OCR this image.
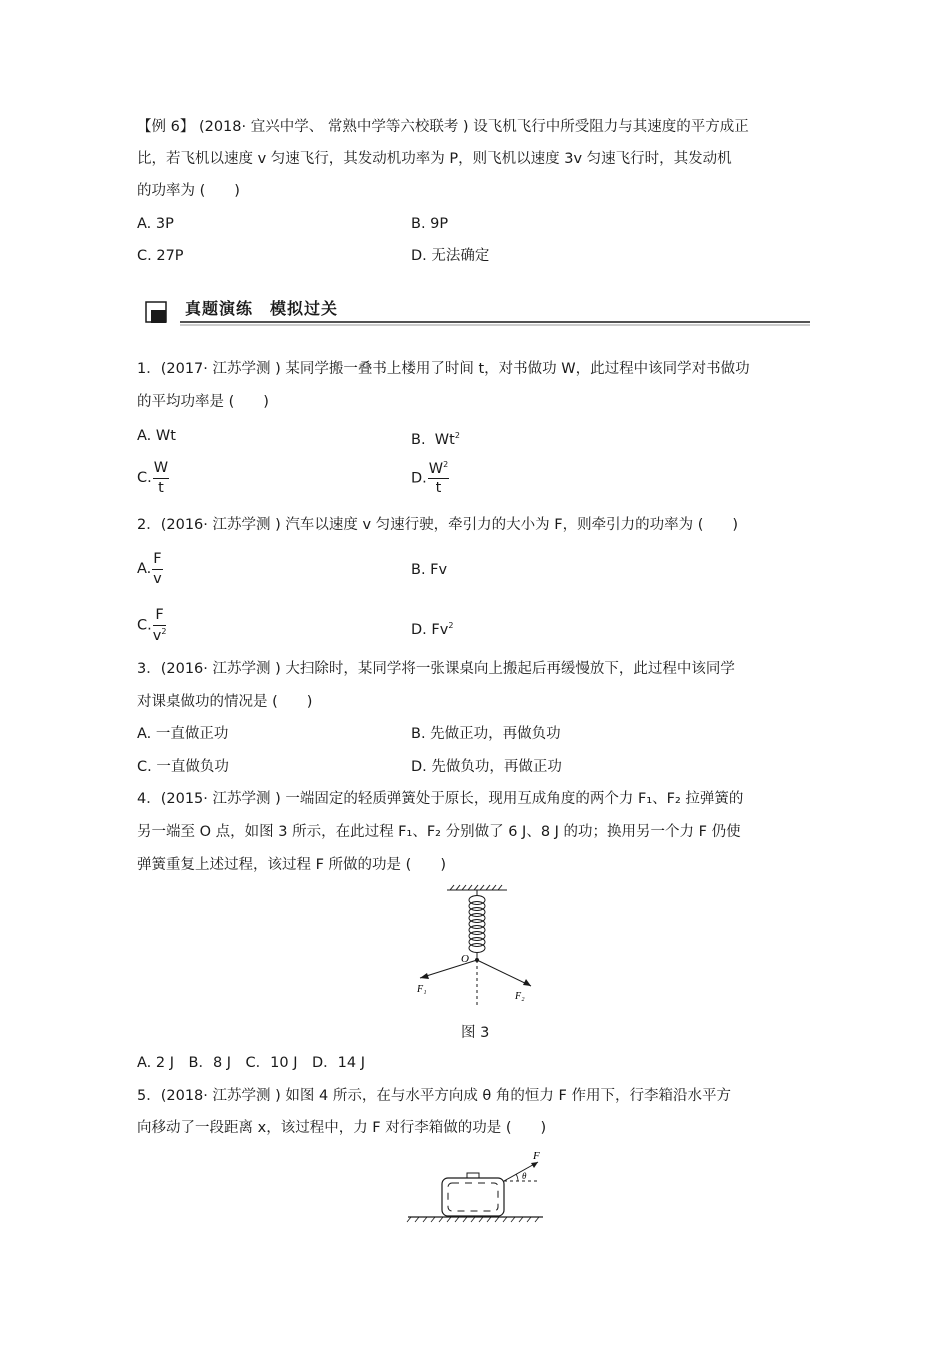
【例 6】 (2018· 宜兴中学、 常熟中学等六校联考 ) 设飞机飞行中所受阻力与其速度的平方成正
比，若飞机以速度 v 匀速飞行，其发动机功率为 P，则飞机以速度 3v 匀速飞行时，其发动机
的功率为 (　　)
A. 3P	B. 9P
C. 27P	D. 无法确定
真题演练　模拟过关
1．(2017· 江苏学测 ) 某同学搬一叠书上楼用了时间 t，对书做功 W，此过程中该同学对书做功
的平均功率是 (　　)
A. Wt	B. Wt$^2$
C. $\frac{W}{t}$	D. $\frac{W^2}{t}$
2．(2016· 江苏学测 ) 汽车以速度 v 匀速行驶，牵引力的大小为 F，则牵引力的功率为 (　　)
A. $\frac{F}{v}$	B. Fv
C. $\frac{F}{v^2}$	D. Fv$^2$
3．(2016· 江苏学测 ) 大扫除时，某同学将一张课桌向上搬起后再缓慢放下，此过程中该同学
对课桌做功的情况是 (　　)
A. 一直做正功	B. 先做正功，再做负功
C. 一直做负功	D. 先做负功，再做正功
4．(2015· 江苏学测 ) 一端固定的轻质弹簧处于原长，现用互成角度的两个力 F₁、F₂ 拉弹簧的
另一端至 O 点，如图 3 所示，在此过程 F₁、F₂ 分别做了 6 J、8 J 的功；换用另一个力 F 仍使
弹簧重复上述过程，该过程 F 所做的功是 (　　)
O
F₁
F₂
图 3
A. 2 J　B．8 J　C．10 J　D．14 J
5．(2018· 江苏学测 ) 如图 4 所示，在与水平方向成 θ 角的恒力 F 作用下，行李箱沿水平方
向移动了一段距离 x，该过程中，力 F 对行李箱做的功是 (　　)
F
θ
